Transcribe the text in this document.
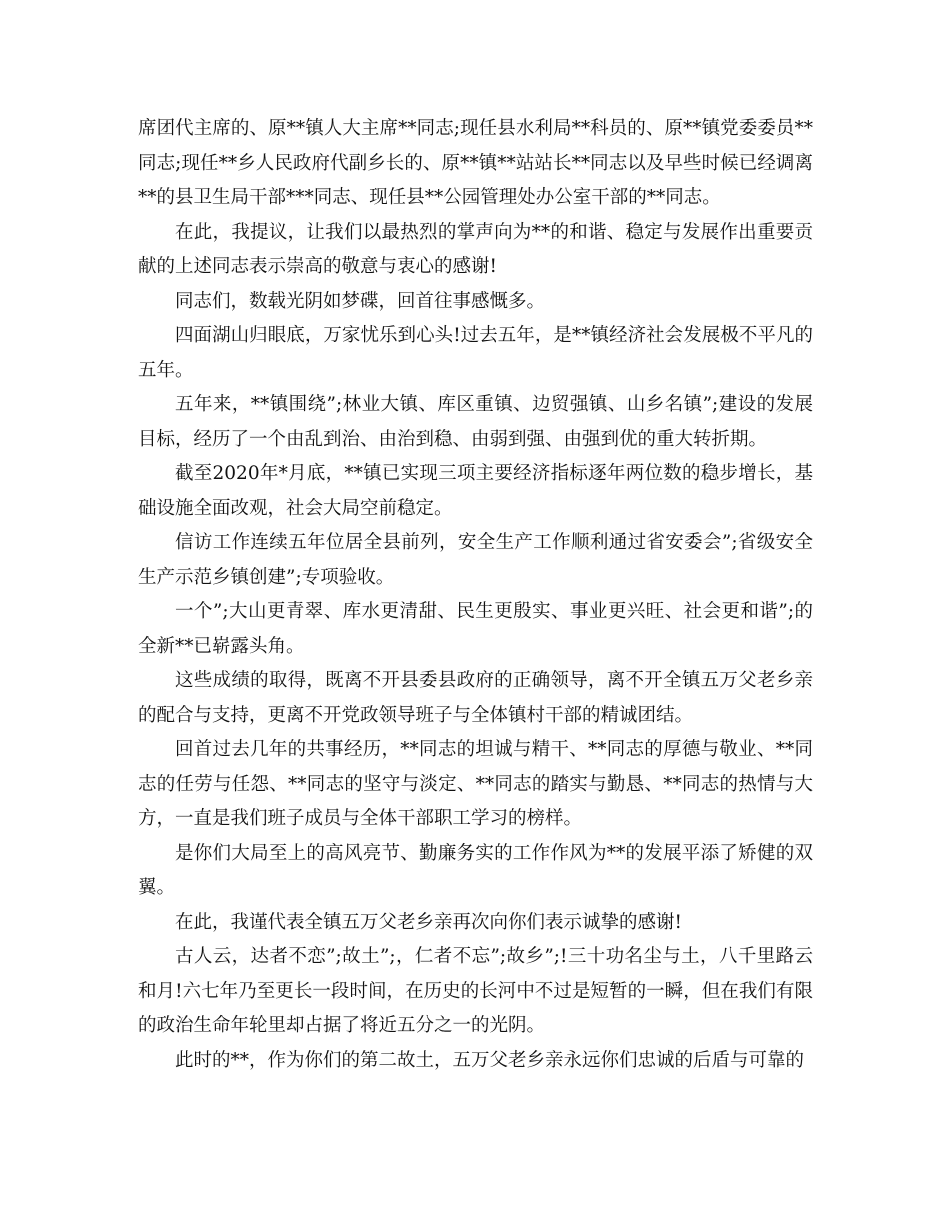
席团代主席的、原**镇人大主席**同志;现任县水利局**科员的、原**镇党委委员**同志;现任**乡人民政府代副乡长的、原**镇**站站长**同志以及早些时候已经调离**的县卫生局干部***同志、现任县**公园管理处办公室干部的**同志。

在此，我提议，让我们以最热烈的掌声向为**的和谐、稳定与发展作出重要贡献的上述同志表示崇高的敬意与衷心的感谢!

同志们，数载光阴如梦碟，回首往事感慨多。

四面湖山归眼底，万家忧乐到心头!过去五年，是**镇经济社会发展极不平凡的五年。

五年来，**镇围绕”;林业大镇、库区重镇、边贸强镇、山乡名镇”;建设的发展目标，经历了一个由乱到治、由治到稳、由弱到强、由强到优的重大转折期。

截至2020年*月底，**镇已实现三项主要经济指标逐年两位数的稳步增长，基础设施全面改观，社会大局空前稳定。

信访工作连续五年位居全县前列，安全生产工作顺利通过省安委会”;省级安全生产示范乡镇创建”;专项验收。

一个”;大山更青翠、库水更清甜、民生更殷实、事业更兴旺、社会更和谐”;的全新**已崭露头角。

这些成绩的取得，既离不开县委县政府的正确领导，离不开全镇五万父老乡亲的配合与支持，更离不开党政领导班子与全体镇村干部的精诚团结。

回首过去几年的共事经历，**同志的坦诚与精干、**同志的厚德与敬业、**同志的任劳与任怨、**同志的坚守与淡定、**同志的踏实与勤恳、**同志的热情与大方，一直是我们班子成员与全体干部职工学习的榜样。

是你们大局至上的高风亮节、勤廉务实的工作作风为**的发展平添了矫健的双翼。

在此，我谨代表全镇五万父老乡亲再次向你们表示诚挚的感谢!

古人云，达者不恋”;故土”;，仁者不忘”;故乡”;!三十功名尘与土，八千里路云和月!六七年乃至更长一段时间，在历史的长河中不过是短暂的一瞬，但在我们有限的政治生命年轮里却占据了将近五分之一的光阴。

此时的**，作为你们的第二故土，五万父老乡亲永远你们忠诚的后盾与可靠的
